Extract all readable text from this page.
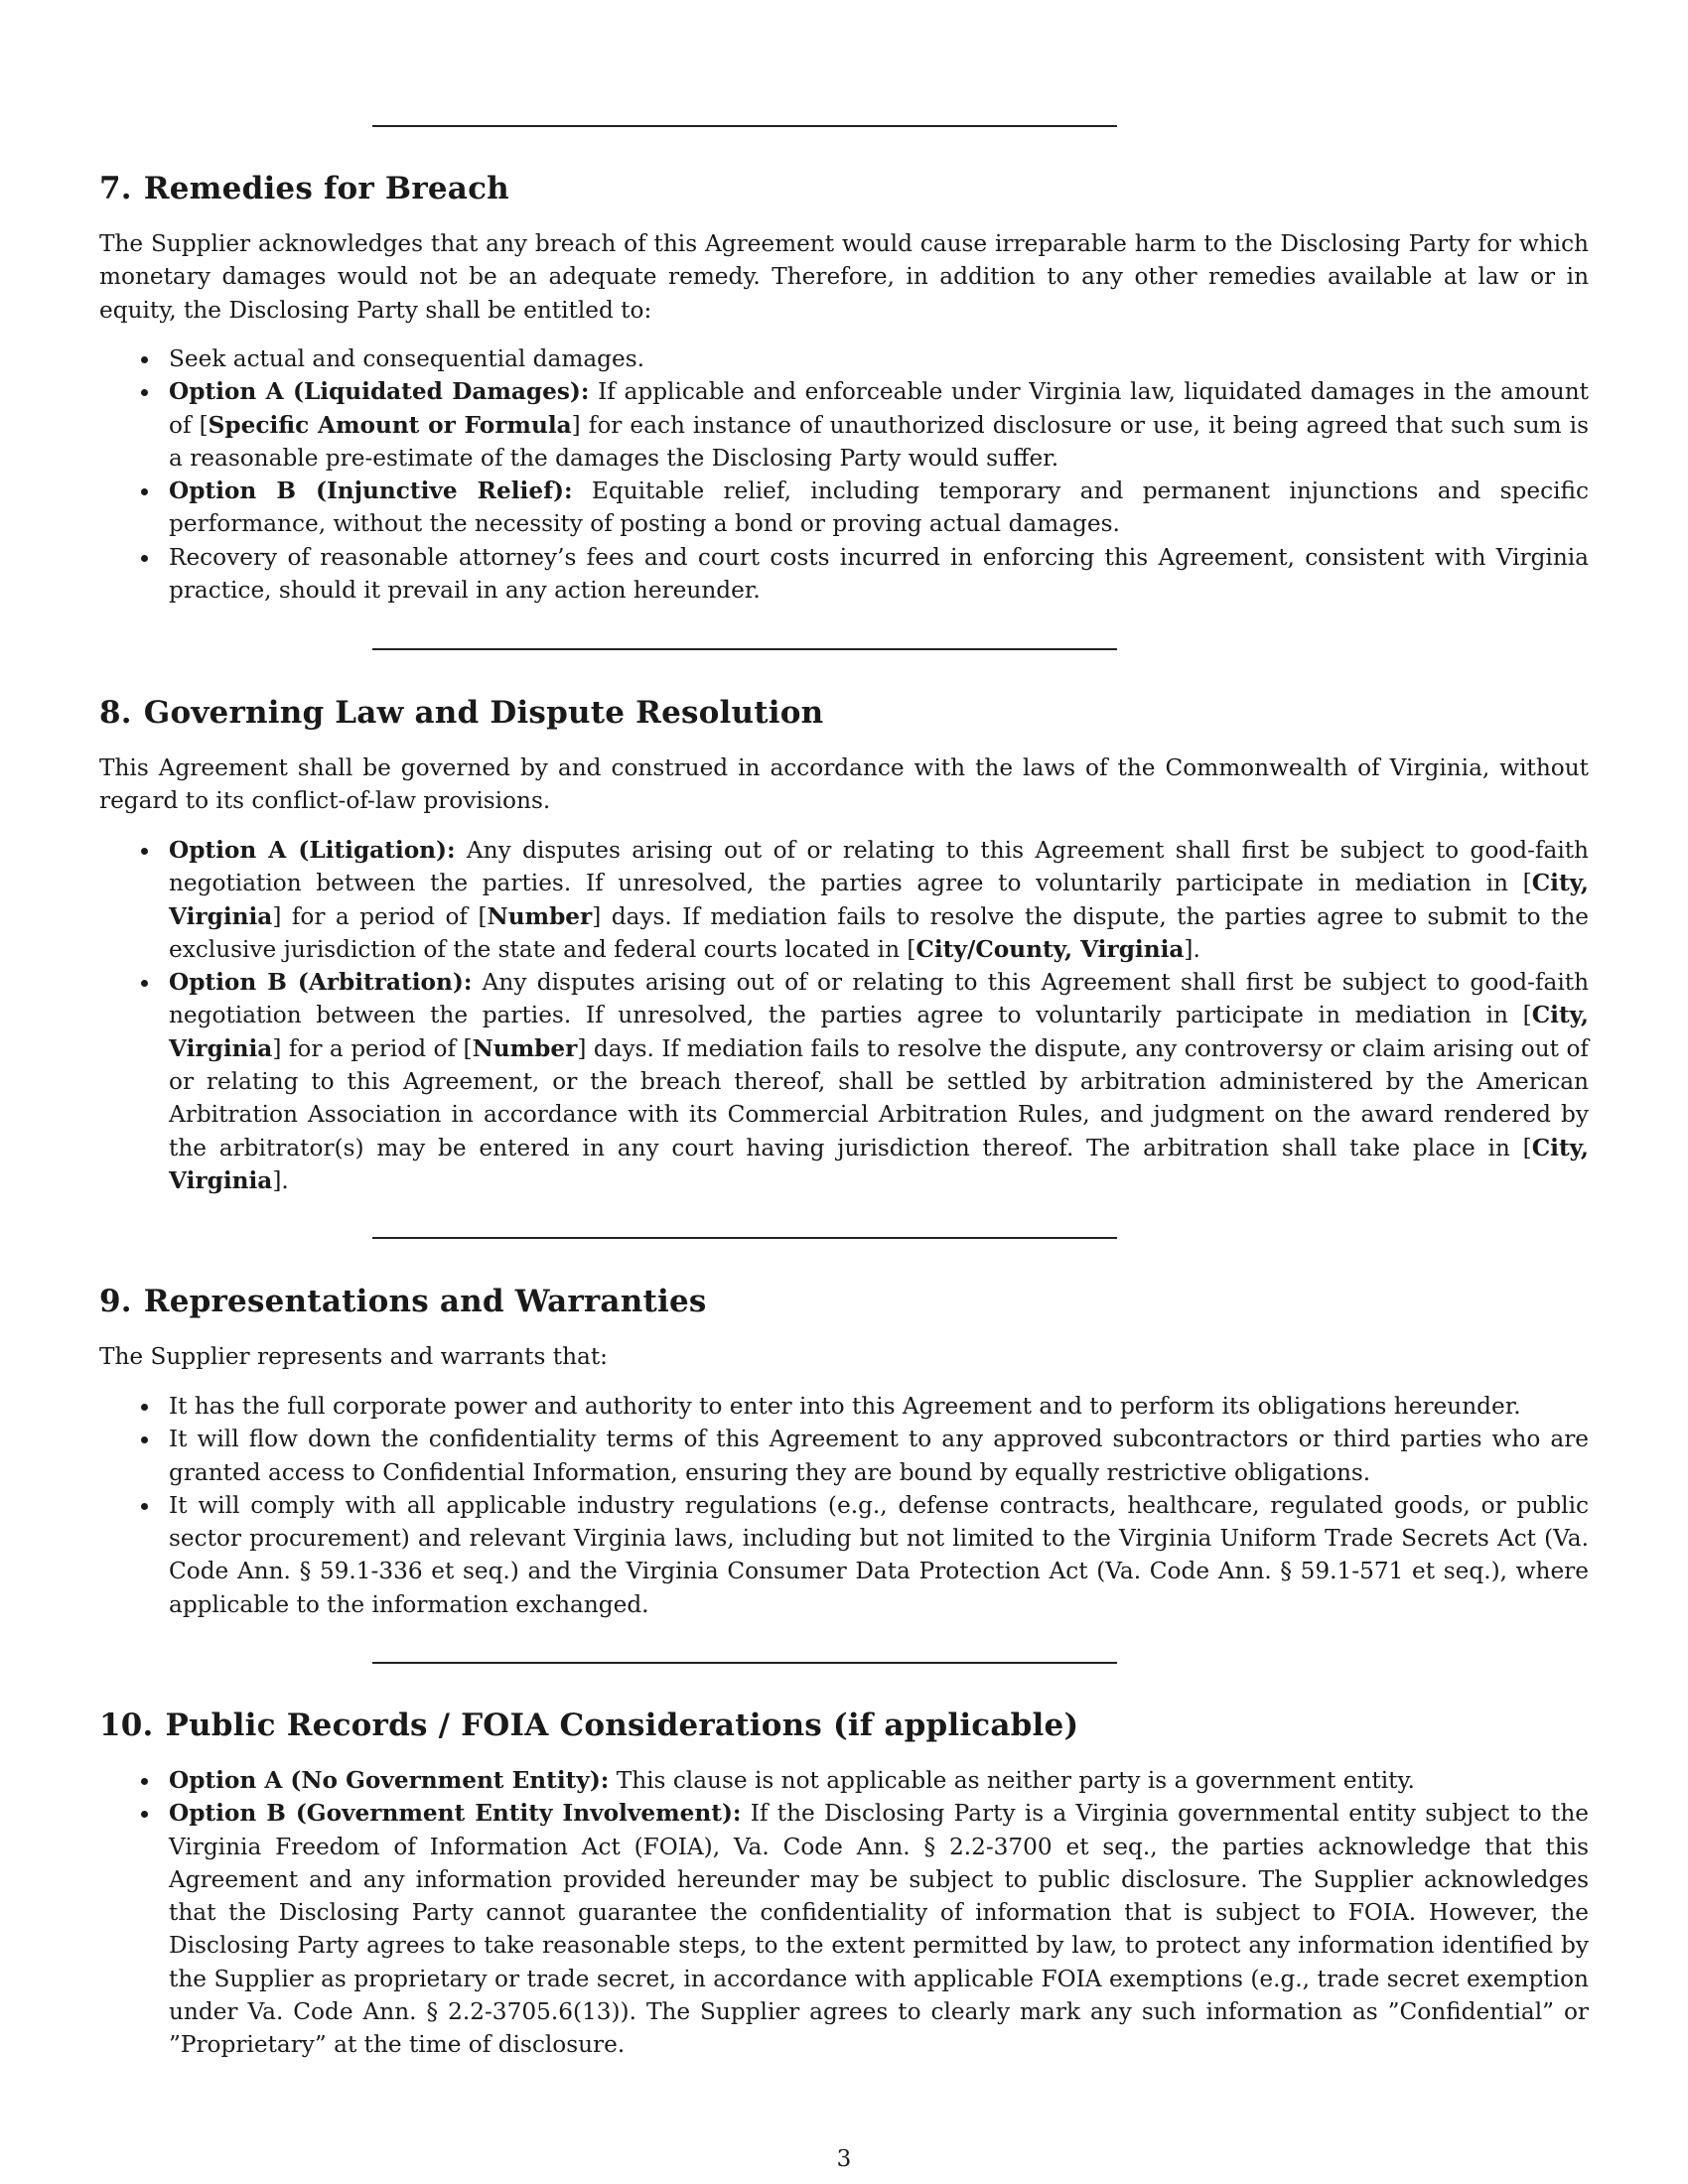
7. Remedies for Breach

The Supplier acknowledges that any breach of this Agreement would cause irreparable harm to the Disclosing Party for which monetary damages would not be an adequate remedy. Therefore, in addition to any other remedies available at law or in equity, the Disclosing Party shall be entitled to:

Seek actual and consequential damages.
Option A (Liquidated Damages): If applicable and enforceable under Virginia law, liquidated damages in the amount of [Specific Amount or Formula] for each instance of unauthorized disclosure or use, it being agreed that such sum is a reasonable pre-estimate of the damages the Disclosing Party would suffer.
Option B (Injunctive Relief): Equitable relief, including temporary and permanent injunctions and specific performance, without the necessity of posting a bond or proving actual damages.
Recovery of reasonable attorney’s fees and court costs incurred in enforcing this Agreement, consistent with Virginia practice, should it prevail in any action hereunder.
8. Governing Law and Dispute Resolution

This Agreement shall be governed by and construed in accordance with the laws of the Commonwealth of Virginia, without regard to its conflict-of-law provisions.

Option A (Litigation): Any disputes arising out of or relating to this Agreement shall first be subject to good-faith negotiation between the parties. If unresolved, the parties agree to voluntarily participate in mediation in [City, Virginia] for a period of [Number] days. If mediation fails to resolve the dispute, the parties agree to submit to the exclusive jurisdiction of the state and federal courts located in [City/County, Virginia].
Option B (Arbitration): Any disputes arising out of or relating to this Agreement shall first be subject to good-faith negotiation between the parties. If unresolved, the parties agree to voluntarily participate in mediation in [City, Virginia] for a period of [Number] days. If mediation fails to resolve the dispute, any controversy or claim arising out of or relating to this Agreement, or the breach thereof, shall be settled by arbitration administered by the American Arbitration Association in accordance with its Commercial Arbitration Rules, and judgment on the award rendered by the arbitrator(s) may be entered in any court having jurisdiction thereof. The arbitration shall take place in [City, Virginia].
9. Representations and Warranties

The Supplier represents and warrants that:

It has the full corporate power and authority to enter into this Agreement and to perform its obligations hereunder.
It will flow down the confidentiality terms of this Agreement to any approved subcontractors or third parties who are granted access to Confidential Information, ensuring they are bound by equally restrictive obligations.
It will comply with all applicable industry regulations (e.g., defense contracts, healthcare, regulated goods, or public sector procurement) and relevant Virginia laws, including but not limited to the Virginia Uniform Trade Secrets Act (Va. Code Ann. § 59.1-336 et seq.) and the Virginia Consumer Data Protection Act (Va. Code Ann. § 59.1-571 et seq.), where applicable to the information exchanged.
10. Public Records / FOIA Considerations (if applicable)
Option A (No Government Entity): This clause is not applicable as neither party is a government entity.
Option B (Government Entity Involvement): If the Disclosing Party is a Virginia governmental entity subject to the Virginia Freedom of Information Act (FOIA), Va. Code Ann. § 2.2-3700 et seq., the parties acknowledge that this Agreement and any information provided hereunder may be subject to public disclosure. The Supplier acknowledges that the Disclosing Party cannot guarantee the confidentiality of information that is subject to FOIA. However, the Disclosing Party agrees to take reasonable steps, to the extent permitted by law, to protect any information identified by the Supplier as proprietary or trade secret, in accordance with applicable FOIA exemptions (e.g., trade secret exemption under Va. Code Ann. § 2.2-3705.6(13)). The Supplier agrees to clearly mark any such information as ”Confidential” or ”Proprietary” at the time of disclosure.
3
